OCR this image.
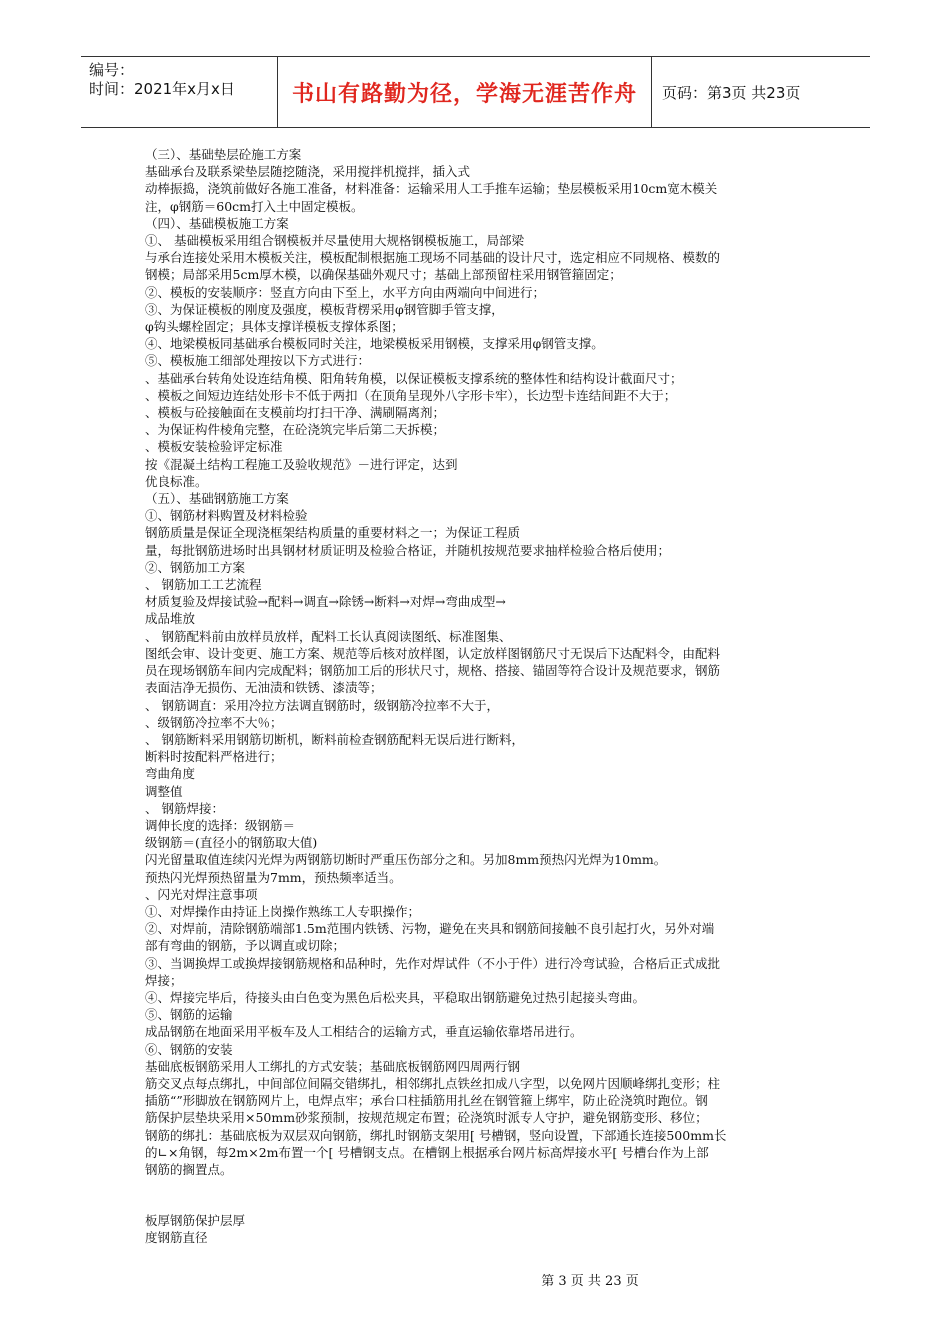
编号：
时间：2021年x月x日	书山有路勤为径，学海无涯苦作舟 页码：第3页 共23页

（三）、基础垫层砼施工方案

基础承台及联系梁垫层随挖随浇，采用搅拌机搅拌，插入式

动棒振捣，浇筑前做好各施工准备，材料准备：运输采用人工手推车运输；垫层模板采用10cm宽木模关

注，φ钢筋＝60cm打入土中固定模板。

（四）、基础模板施工方案

①、 基础模板采用组合钢模板并尽量使用大规格钢模板施工，局部梁

与承台连接处采用木模板关注，模板配制根据施工现场不同基础的设计尺寸，选定相应不同规格、模数的

钢模；局部采用5cm厚木模，以确保基础外观尺寸；基础上部预留柱采用钢管箍固定；

②、模板的安装顺序：竖直方向由下至上，水平方向由两端向中间进行；

③、为保证模板的刚度及强度，模板背楞采用φ钢管脚手管支撑，

φ钩头螺栓固定；具体支撑详模板支撑体系图；

④、地梁模板同基础承台模板同时关注，地梁模板采用钢模，支撑采用φ钢管支撑。

⑤、模板施工细部处理按以下方式进行：

、基础承台转角处设连结角模、阳角转角模，以保证模板支撑系统的整体性和结构设计截面尺寸；

、模板之间短边连结处形卡不低于两扣（在顶角呈现外八字形卡牢），长边型卡连结间距不大于；

、模板与砼接触面在支模前均打扫干净、满刷隔离剂；

、为保证构件棱角完整，在砼浇筑完毕后第二天拆模；

、模板安装检验评定标准

按《混凝土结构工程施工及验收规范》－进行评定，达到

优良标准。

（五）、基础钢筋施工方案

①、钢筋材料购置及材料检验

钢筋质量是保证全现浇框架结构质量的重要材料之一；为保证工程质

量，每批钢筋进场时出具钢材材质证明及检验合格证，并随机按规范要求抽样检验合格后使用；

②、钢筋加工方案

、 钢筋加工工艺流程

材质复验及焊接试验→配料→调直→除锈→断料→对焊→弯曲成型→

成品堆放

、 钢筋配料前由放样员放样，配料工长认真阅读图纸、标准图集、

图纸会审、设计变更、施工方案、规范等后核对放样图，认定放样图钢筋尺寸无误后下达配料令，由配料

员在现场钢筋车间内完成配料；钢筋加工后的形状尺寸，规格、搭接、锚固等符合设计及规范要求，钢筋

表面洁净无损伤、无油渍和铁锈、漆渍等；

、 钢筋调直：采用冷拉方法调直钢筋时，级钢筋冷拉率不大于，

、级钢筋冷拉率不大％；

、 钢筋断料采用钢筋切断机，断料前检查钢筋配料无误后进行断料，

断料时按配料严格进行；

弯曲角度

调整值

、 钢筋焊接：

调伸长度的选择：级钢筋＝

级钢筋＝(直径小的钢筋取大值)

闪光留量取值连续闪光焊为两钢筋切断时严重压伤部分之和。另加8mm预热闪光焊为10mm。

预热闪光焊预热留量为7mm，预热频率适当。

、闪光对焊注意事项

①、对焊操作由持证上岗操作熟练工人专职操作；

②、对焊前，清除钢筋端部1.5m范围内铁锈、污物，避免在夹具和钢筋间接触不良引起打火，另外对端

部有弯曲的钢筋，予以调直或切除；

③、当调换焊工或换焊接钢筋规格和品种时，先作对焊试件（不小于件）进行冷弯试验，合格后正式成批

焊接；

④、焊接完毕后，待接头由白色变为黑色后松夹具，平稳取出钢筋避免过热引起接头弯曲。

⑤、钢筋的运输

成品钢筋在地面采用平板车及人工相结合的运输方式，垂直运输依靠塔吊进行。

⑥、钢筋的安装

基础底板钢筋采用人工绑扎的方式安装；基础底板钢筋网四周两行钢

筋交叉点每点绑扎，中间部位间隔交错绑扎，相邻绑扎点铁丝扣成八字型，以免网片因顺峰绑扎变形；柱

插筋“”形脚放在钢筋网片上，电焊点牢；承台口柱插筋用扎丝在钢管箍上绑牢，防止砼浇筑时跑位。钢

筋保护层垫块采用×50mm砂浆预制，按规范规定布置；砼浇筑时派专人守护，避免钢筋变形、移位；

钢筋的绑扎：基础底板为双层双向钢筋，绑扎时钢筋支架用[ 号槽钢，竖向设置，下部通长连接500mm长

的∟×角钢，每2m×2m布置一个[ 号槽钢支点。在槽钢上根据承台网片标高焊接水平[ 号槽台作为上部

钢筋的搁置点。

板厚钢筋保护层厚

度钢筋直径

第 3 页 共 23 页
